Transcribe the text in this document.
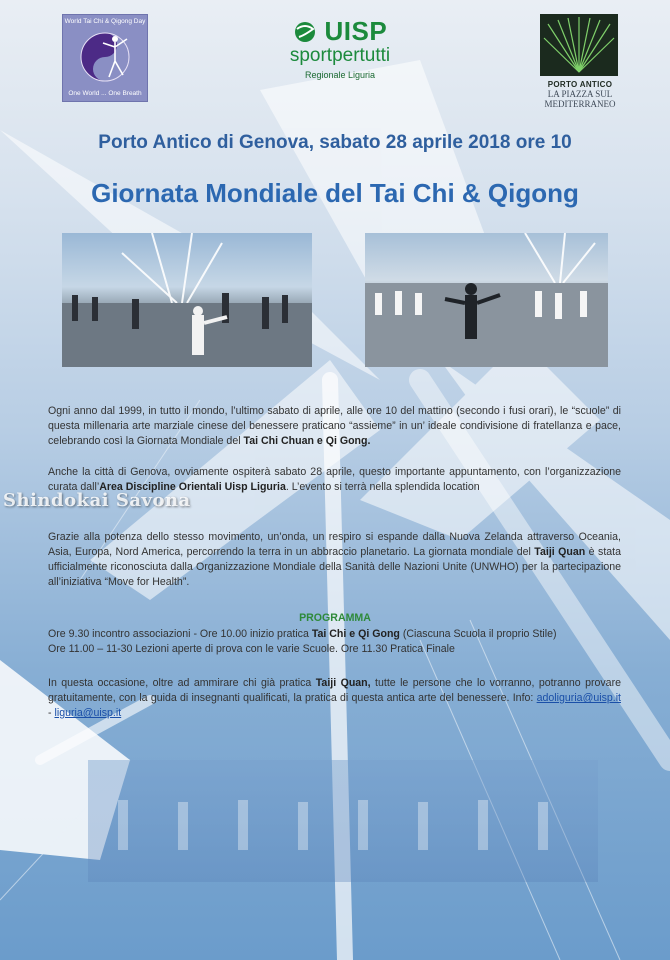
World Tai Chi & Qigong Day
One World ... One Breath
UISP
sportpertutti
Regionale Liguria
PORTO ANTICO
LA PIAZZA SUL
MEDITERRANEO
Porto Antico di Genova, sabato 28 aprile 2018 ore 10
Giornata Mondiale del Tai Chi & Qigong
Ogni anno dal 1999, in tutto il mondo, l’ultimo sabato di aprile, alle ore 10 del mattino (secondo i fusi orari), le “scuole” di questa millenaria arte marziale cinese del benessere praticano “assieme” in un’ ideale condivisione di fratellanza e pace, celebrando così la Giornata Mondiale del Tai Chi Chuan e Qi Gong.
Anche la città di Genova, ovviamente ospiterà sabato 28 aprile, questo importante appuntamento, con l’organizzazione curata dall’Area Discipline Orientali Uisp Liguria. L’evento si terrà nella splendida location
Shindokai Savona
Grazie alla potenza dello stesso movimento, un’onda, un respiro si espande dalla Nuova Zelanda attraverso Oceania, Asia, Europa, Nord America, percorrendo la terra in un abbraccio planetario. La giornata mondiale del Taiji Quan è stata ufficialmente riconosciuta dalla Organizzazione Mondiale della Sanità delle Nazioni Unite (UNWHO) per la partecipazione all’iniziativa “Move for Health”.
PROGRAMMA
Ore 9.30 incontro associazioni - Ore 10.00 inizio pratica Tai Chi e Qi Gong (Ciascuna Scuola il proprio Stile)
Ore 11.00 – 11-30 Lezioni aperte di prova con le varie Scuole. Ore 11.30 Pratica Finale
In questa occasione, oltre ad ammirare chi già pratica Taiji Quan, tutte le persone che lo vorranno, potranno provare gratuitamente, con la guida di insegnanti qualificati, la pratica di questa antica arte del benessere. Info: adoliguria@uisp.it - liguria@uisp.it
